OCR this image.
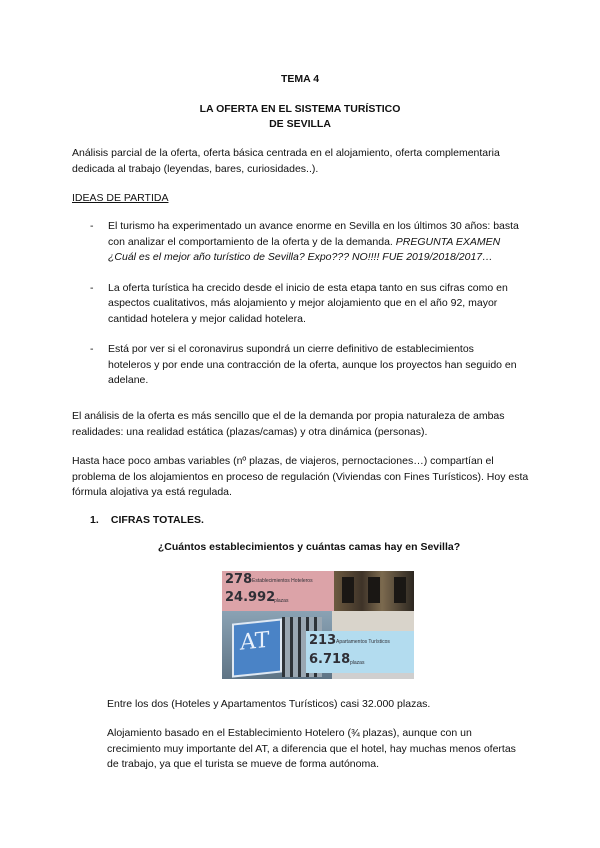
TEMA 4
LA OFERTA EN EL SISTEMA TURÍSTICO
DE SEVILLA
Análisis parcial de la oferta, oferta básica centrada en el alojamiento, oferta complementaria dedicada al trabajo (leyendas, bares, curiosidades..).
IDEAS DE PARTIDA
-	El turismo ha experimentado un avance enorme en Sevilla en los últimos 30 años: basta con analizar el comportamiento de la oferta y de la demanda. PREGUNTA EXAMEN ¿Cuál es el mejor año turístico de Sevilla? Expo??? NO!!!! FUE 2019/2018/2017…
-	La oferta turística ha crecido desde el inicio de esta etapa tanto en sus cifras como en aspectos cualitativos, más alojamiento y mejor alojamiento que en el año 92, mayor cantidad hotelera y mejor calidad hotelera.
-	Está por ver si el coronavirus supondrá un cierre definitivo de establecimientos hoteleros y por ende una contracción de la oferta, aunque los proyectos han seguido en adelane.
El análisis de la oferta es más sencillo que el de la demanda por propia naturaleza de ambas realidades: una realidad estática (plazas/camas) y otra dinámica (personas).
Hasta hace poco ambas variables (nº plazas, de viajeros, pernoctaciones…) compartían el problema de los alojamientos en proceso de regulación (Viviendas con Fines Turísticos). Hoy esta fórmula alojativa ya está regulada.
1. CIFRAS TOTALES.
¿Cuántos establecimientos y cuántas camas hay en Sevilla?
AT
278 Establecimientos Hoteleros
24.992
plazas
213 Apartamentos Turísticos
6.718 plazas
Entre los dos (Hoteles y Apartamentos Turísticos) casi 32.000 plazas.
Alojamiento basado en el Establecimiento Hotelero (¾ plazas), aunque con un crecimiento muy importante del AT, a diferencia que el hotel, hay muchas menos ofertas de trabajo, ya que el turista se mueve de forma autónoma.
